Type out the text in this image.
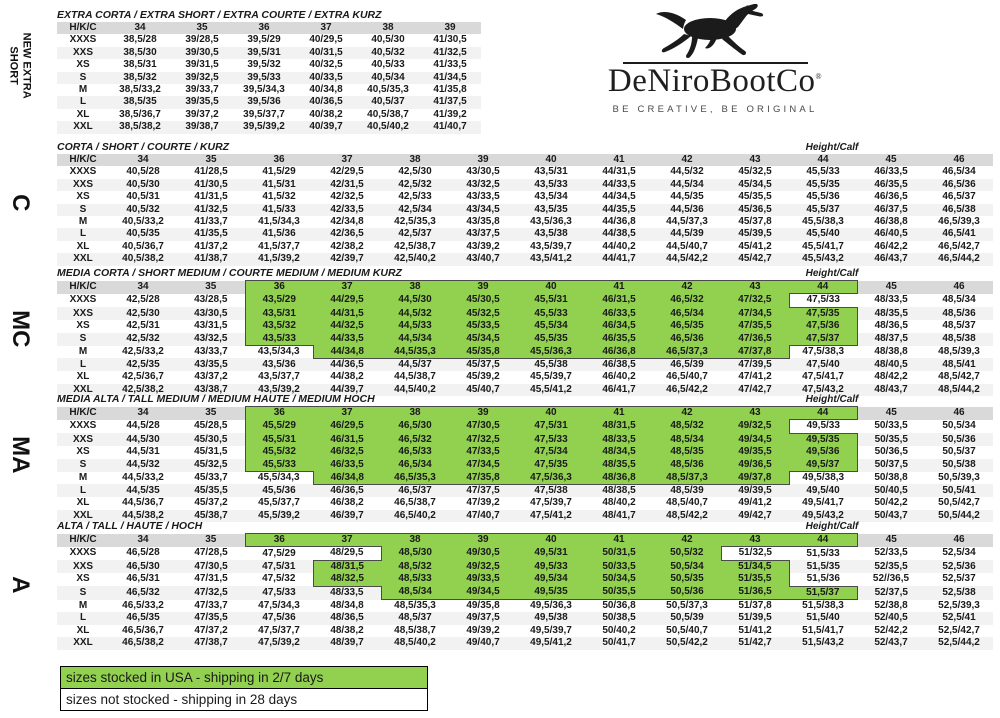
NEW EXTRA SHORT
C
MC
MA
A
EXTRA CORTA / EXTRA SHORT / EXTRA COURTE / EXTRA KURZ
H/K/C	34	35	36	37	38	39
XXXS	38,5/28	39/28,5	39,5/29	40/29,5	40,5/30	41/30,5
XXS	38,5/30	39/30,5	39,5/31	40/31,5	40,5/32	41/32,5
XS	38,5/31	39/31,5	39,5/32	40/32,5	40,5/33	41/33,5
S	38,5/32	39/32,5	39,5/33	40/33,5	40,5/34	41/34,5
M	38,5/33,2	39/33,7	39,5/34,3	40/34,8	40,5/35,3	41/35,8
L	38,5/35	39/35,5	39,5/36	40/36,5	40,5/37	41/37,5
XL	38,5/36,7	39/37,2	39,5/37,7	40/38,2	40,5/38,7	41/39,2
XXL	38,5/38,2	39/38,7	39,5/39,2	40/39,7	40,5/40,2	41/40,7
CORTA / SHORT / COURTE / KURZ	Height/Calf
H/K/C	34	35	36	37	38	39	40	41	42	43	44	45	46
XXXS	40,5/28	41/28,5	41,5/29	42/29,5	42,5/30	43/30,5	43,5/31	44/31,5	44,5/32	45/32,5	45,5/33	46/33,5	46,5/34
XXS	40,5/30	41/30,5	41,5/31	42/31,5	42,5/32	43/32,5	43,5/33	44/33,5	44,5/34	45/34,5	45,5/35	46/35,5	46,5/36
XS	40,5/31	41/31,5	41,5/32	42/32,5	42,5/33	43/33,5	43,5/34	44/34,5	44,5/35	45/35,5	45,5/36	46/36,5	46,5/37
S	40,5/32	41/32,5	41,5/33	42/33,5	42,5/34	43/34,5	43,5/35	44/35,5	44,5/36	45/36,5	45,5/37	46/37,5	46,5/38
M	40,5/33,2	41/33,7	41,5/34,3	42/34,8	42,5/35,3	43/35,8	43,5/36,3	44/36,8	44,5/37,3	45/37,8	45,5/38,3	46/38,8	46,5/39,3
L	40,5/35	41/35,5	41,5/36	42/36,5	42,5/37	43/37,5	43,5/38	44/38,5	44,5/39	45/39,5	45,5/40	46/40,5	46,5/41
XL	40,5/36,7	41/37,2	41,5/37,7	42/38,2	42,5/38,7	43/39,2	43,5/39,7	44/40,2	44,5/40,7	45/41,2	45,5/41,7	46/42,2	46,5/42,7
XXL	40,5/38,2	41/38,7	41,5/39,2	42/39,7	42,5/40,2	43/40,7	43,5/41,2	44/41,7	44,5/42,2	45/42,7	45,5/43,2	46/43,7	46,5/44,2
MEDIA CORTA / SHORT MEDIUM / COURTE MEDIUM / MEDIUM KURZ	Height/Calf
H/K/C	34	35	36	37	38	39	40	41	42	43	44	45	46
XXXS	42,5/28	43/28,5	43,5/29	44/29,5	44,5/30	45/30,5	45,5/31	46/31,5	46,5/32	47/32,5	47,5/33	48/33,5	48,5/34
XXS	42,5/30	43/30,5	43,5/31	44/31,5	44,5/32	45/32,5	45,5/33	46/33,5	46,5/34	47/34,5	47,5/35	48/35,5	48,5/36
XS	42,5/31	43/31,5	43,5/32	44/32,5	44,5/33	45/33,5	45,5/34	46/34,5	46,5/35	47/35,5	47,5/36	48/36,5	48,5/37
S	42,5/32	43/32,5	43,5/33	44/33,5	44,5/34	45/34,5	45,5/35	46/35,5	46,5/36	47/36,5	47,5/37	48/37,5	48,5/38
M	42,5/33,2	43/33,7	43,5/34,3	44/34,8	44,5/35,3	45/35,8	45,5/36,3	46/36,8	46,5/37,3	47/37,8	47,5/38,3	48/38,8	48,5/39,3
L	42,5/35	43/35,5	43,5/36	44/36,5	44,5/37	45/37,5	45,5/38	46/38,5	46,5/39	47/39,5	47,5/40	48/40,5	48,5/41
XL	42,5/36,7	43/37,2	43,5/37,7	44/38,2	44,5/38,7	45/39,2	45,5/39,7	46/40,2	46,5/40,7	47/41,2	47,5/41,7	48/42,2	48,5/42,7
XXL	42,5/38,2	43/38,7	43,5/39,2	44/39,7	44,5/40,2	45/40,7	45,5/41,2	46/41,7	46,5/42,2	47/42,7	47,5/43,2	48/43,7	48,5/44,2
MEDIA ALTA / TALL MEDIUM / MEDIUM HAUTE / MEDIUM HOCH	Height/Calf
H/K/C	34	35	36	37	38	39	40	41	42	43	44	45	46
XXXS	44,5/28	45/28,5	45,5/29	46/29,5	46,5/30	47/30,5	47,5/31	48/31,5	48,5/32	49/32,5	49,5/33	50/33,5	50,5/34
XXS	44,5/30	45/30,5	45,5/31	46/31,5	46,5/32	47/32,5	47,5/33	48/33,5	48,5/34	49/34,5	49,5/35	50/35,5	50,5/36
XS	44,5/31	45/31,5	45,5/32	46/32,5	46,5/33	47/33,5	47,5/34	48/34,5	48,5/35	49/35,5	49,5/36	50/36,5	50,5/37
S	44,5/32	45/32,5	45,5/33	46/33,5	46,5/34	47/34,5	47,5/35	48/35,5	48,5/36	49/36,5	49,5/37	50/37,5	50,5/38
M	44,5/33,2	45/33,7	45,5/34,3	46/34,8	46,5/35,3	47/35,8	47,5/36,3	48/36,8	48,5/37,3	49/37,8	49,5/38,3	50/38,8	50,5/39,3
L	44,5/35	45/35,5	45,5/36	46/36,5	46,5/37	47/37,5	47,5/38	48/38,5	48,5/39	49/39,5	49,5/40	50/40,5	50,5/41
XL	44,5/36,7	45/37,2	45,5/37,7	46/38,2	46,5/38,7	47/39,2	47,5/39,7	48/40,2	48,5/40,7	49/41,2	49,5/41,7	50/42,2	50,5/42,7
XXL	44,5/38,2	45/38,7	45,5/39,2	46/39,7	46,5/40,2	47/40,7	47,5/41,2	48/41,7	48,5/42,2	49/42,7	49,5/43,2	50/43,7	50,5/44,2
ALTA / TALL / HAUTE / HOCH	Height/Calf
H/K/C	34	35	36	37	38	39	40	41	42	43	44	45	46
XXXS	46,5/28	47/28,5	47,5/29	48/29,5	48,5/30	49/30,5	49,5/31	50/31,5	50,5/32	51/32,5	51,5/33	52/33,5	52,5/34
XXS	46,5/30	47/30,5	47,5/31	48/31,5	48,5/32	49/32,5	49,5/33	50/33,5	50,5/34	51/34,5	51,5/35	52/35,5	52,5/36
XS	46,5/31	47/31,5	47,5/32	48/32,5	48,5/33	49/33,5	49,5/34	50/34,5	50,5/35	51/35,5	51,5/36	52//36,5	52,5/37
S	46,5/32	47/32,5	47,5/33	48/33,5	48,5/34	49/34,5	49,5/35	50/35,5	50,5/36	51/36,5	51,5/37	52/37,5	52,5/38
M	46,5/33,2	47/33,7	47,5/34,3	48/34,8	48,5/35,3	49/35,8	49,5/36,3	50/36,8	50,5/37,3	51/37,8	51,5/38,3	52/38,8	52,5/39,3
L	46,5/35	47/35,5	47,5/36	48/36,5	48,5/37	49/37,5	49,5/38	50/38,5	50,5/39	51/39,5	51,5/40	52/40,5	52,5/41
XL	46,5/36,7	47/37,2	47,5/37,7	48/38,2	48,5/38,7	49/39,2	49,5/39,7	50/40,2	50,5/40,7	51/41,2	51,5/41,7	52/42,2	52,5/42,7
XXL	46,5/38,2	47/38,7	47,5/39,2	48/39,7	48,5/40,2	49/40,7	49,5/41,2	50/41,7	50,5/42,2	51/42,7	51,5/43,2	52/43,7	52,5/44,2
DeNiroBootCo®
BE CREATIVE, BE ORIGINAL
sizes stocked in USA - shipping in 2/7 days
sizes not stocked - shipping in 28 days
